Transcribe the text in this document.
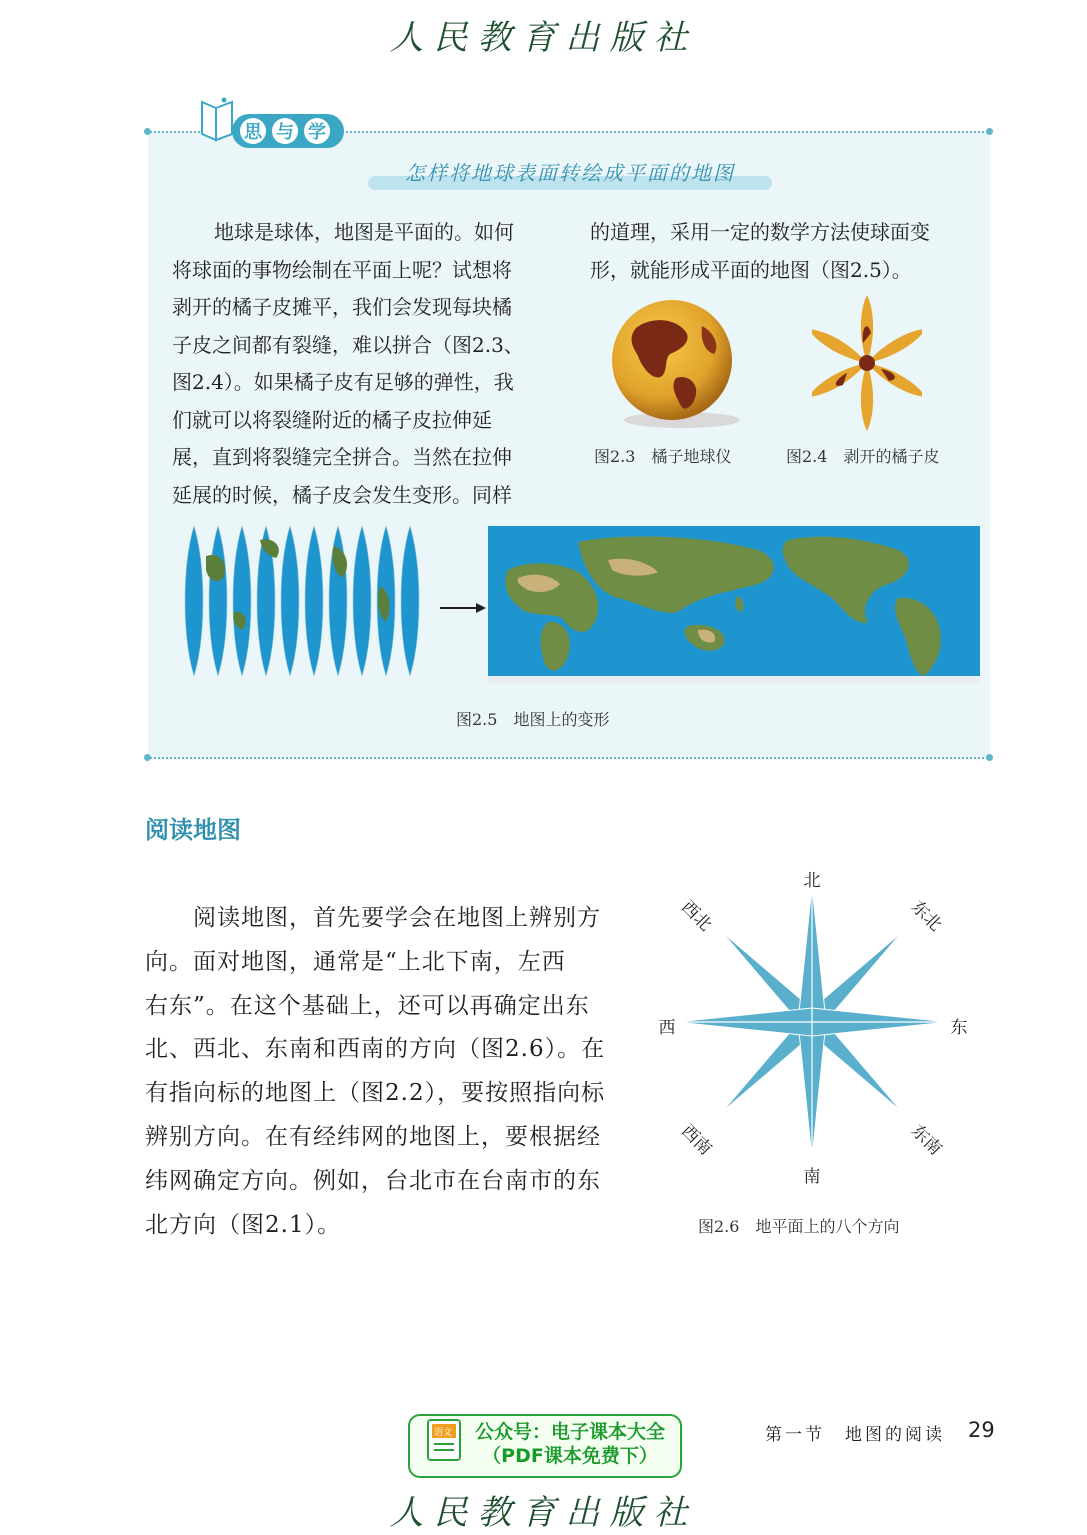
人民教育出版社
思 与 学
怎样将地球表面转绘成平面的地图
地球是球体，地图是平面的。如何
将球面的事物绘制在平面上呢？试想将
剥开的橘子皮摊平，我们会发现每块橘
子皮之间都有裂缝，难以拼合（图2.3、
图2.4）。如果橘子皮有足够的弹性，我
们就可以将裂缝附近的橘子皮拉伸延
展，直到将裂缝完全拼合。当然在拉伸
延展的时候，橘子皮会发生变形。同样
的道理，采用一定的数学方法使球面变
形，就能形成平面的地图（图2.5）。
图2.3　橘子地球仪	图2.4　剥开的橘子皮
图2.5　地图上的变形
阅读地图
阅读地图，首先要学会在地图上辨别方
向。面对地图，通常是“上北下南，左西
右东”。在这个基础上，还可以再确定出东
北、西北、东南和西南的方向（图2.6）。在
有指向标的地图上（图2.2），要按照指向标
辨别方向。在有经纬网的地图上，要根据经
纬网确定方向。例如，台北市在台南市的东
北方向（图2.1）。
北
南
西	东
西北	东北
西南	东南
图2.6　地平面上的八个方向
语文	公众号：电子课本大全
（PDF课本免费下）
第一节　地图的阅读 29
人民教育出版社
